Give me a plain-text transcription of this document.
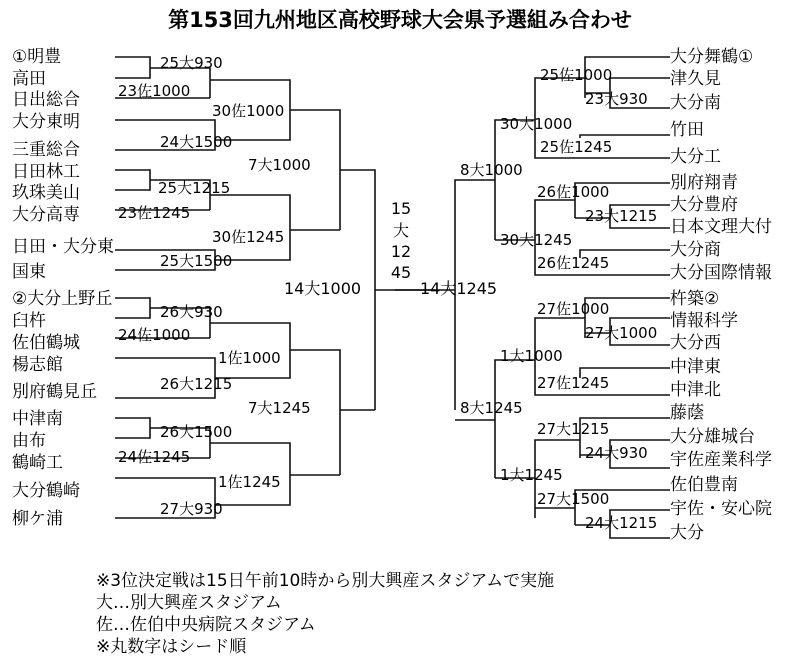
第153回九州地区高校野球大会県予選組み合わせ
①明豊
高田
日出総合
大分東明
三重総合
日田林工
玖珠美山
大分高専
日田・大分東
国東
②大分上野丘
臼杵
佐伯鶴城
楊志館
別府鶴見丘
中津南
由布
鶴崎工
大分鶴崎
柳ケ浦
大分舞鶴①
津久見
大分南
竹田
大分工
別府翔青
大分豊府
日本文理大付
大分商
大分国際情報
杵築②
情報科学
大分西
中津東
中津北
藤蔭
大分雄城台
宇佐産業科学
佐伯豊南
宇佐・安心院
大分
25大930
23佐1000
30佐1000
24大1500
7大1000
25大1215
23佐1245
30佐1245
25大1500
14大1000
26大930
24佐1000
1佐1000
26大1215
7大1245
26大1500
24佐1245
1佐1245
27大930
25佐1000
23大930
30大1000
25佐1245
8大1000
26佐1000
23大1215
30大1245
26佐1245
14大1245
27佐1000
27大1000
1大1000
27佐1245
8大1245
27大1215
24大930
1大1245
27大1500
24大1215
15
大
12
45
※3位決定戦は15日午前10時から別大興産スタジアムで実施
大…別大興産スタジアム
佐…佐伯中央病院スタジアム
※丸数字はシード順
